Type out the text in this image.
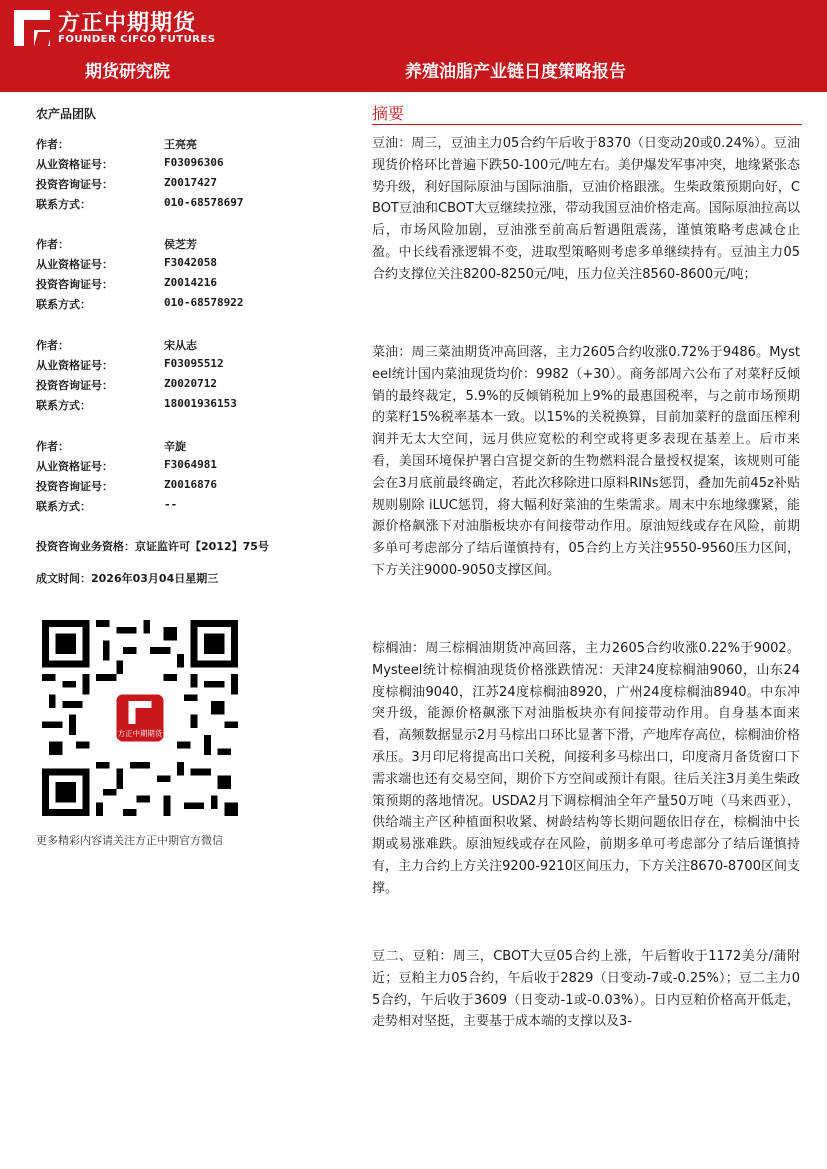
方正中期期货
FOUNDER CIFCO FUTURES
期货研究院	养殖油脂产业链日度策略报告
农产品团队
作者：	王亮亮
从业资格证号：	F03096306
投资咨询证号：	Z0017427
联系方式：	010-68578697
作者：	侯芝芳
从业资格证号：	F3042058
投资咨询证号：	Z0014216
联系方式：	010-68578922
作者：	宋从志
从业资格证号：	F03095512
投资咨询证号：	Z0020712
联系方式：	18001936153
作者：	辛旋
从业资格证号：	F3064981
投资咨询证号：	Z0016876
联系方式：	--
投资咨询业务资格：京证监许可【2012】75号
成文时间：2026年03月04日星期三
方正中期期货
更多精彩内容请关注方正中期官方微信
摘要
豆油：周三，豆油主力05合约午后收于8370（日变动20或0.24%）。豆油现货价格环比普遍下跌50-100元/吨左右。美伊爆发军事冲突，地缘紧张态势升级，利好国际原油与国际油脂，豆油价格跟涨。生柴政策预期向好，CBOT豆油和CBOT大豆继续拉涨，带动我国豆油价格走高。国际原油拉高以后，市场风险加剧，豆油涨至前高后暂遇阻震荡，谨慎策略考虑减仓止盈。中长线看涨逻辑不变，进取型策略则考虑多单继续持有。豆油主力05合约支撑位关注8200-8250元/吨，压力位关注8560-8600元/吨；
菜油：周三菜油期货冲高回落，主力2605合约收涨0.72%于9486。Mysteel统计国内菜油现货均价：9982（+30）。商务部周六公布了对菜籽反倾销的最终裁定，5.9%的反倾销税加上9%的最惠国税率，与之前市场预期的菜籽15%税率基本一致。以15%的关税换算，目前加菜籽的盘面压榨利润并无太大空间，远月供应宽松的利空或将更多表现在基差上。后市来看，美国环境保护署白宫提交新的生物燃料混合量授权提案，该规则可能会在3月底前最终确定，若此次移除进口原料RINs惩罚，叠加先前45z补贴规则剔除 iLUC惩罚，将大幅利好菜油的生柴需求。周末中东地缘骤紧，能源价格飙涨下对油脂板块亦有间接带动作用。原油短线或存在风险，前期多单可考虑部分了结后谨慎持有，05合约上方关注9550-9560压力区间，下方关注9000-9050支撑区间。
棕榈油：周三棕榈油期货冲高回落，主力2605合约收涨0.22%于9002。Mysteel统计棕榈油现货价格涨跌情况：天津24度棕榈油9060，山东24度棕榈油9040，江苏24度棕榈油8920，广州24度棕榈油8940。中东冲突升级，能源价格飙涨下对油脂板块亦有间接带动作用。自身基本面来看，高频数据显示2月马棕出口环比显著下滑，产地库存高位，棕榈油价格承压。3月印尼将提高出口关税，间接利多马棕出口，印度斋月备货窗口下需求端也还有交易空间，期价下方空间或预计有限。往后关注3月美生柴政策预期的落地情况。USDA2月下调棕榈油全年产量50万吨（马来西亚），供给端主产区种植面积收紧、树龄结构等长期问题依旧存在，棕榈油中长期或易涨难跌。原油短线或存在风险，前期多单可考虑部分了结后谨慎持有，主力合约上方关注9200-9210区间压力，下方关注8670-8700区间支撑。
豆二、豆粕：周三，CBOT大豆05合约上涨，午后暂收于1172美分/蒲附近；豆粕主力05合约，午后收于2829（日变动-7或-0.25%）；豆二主力05合约，午后收于3609（日变动-1或-0.03%）。日内豆粕价格高开低走，走势相对坚挺，主要基于成本端的支撑以及3-
